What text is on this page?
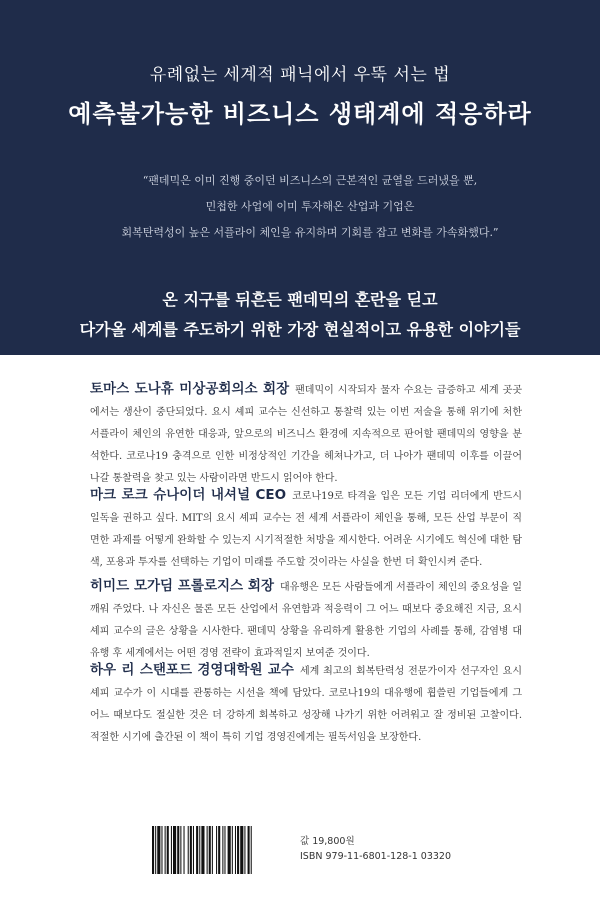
유례없는 세계적 패닉에서 우뚝 서는 법
예측불가능한 비즈니스 생태계에 적응하라
“팬데믹은 이미 진행 중이던 비즈니스의 근본적인 균열을 드러냈을 뿐,
민첩한 사업에 이미 투자해온 산업과 기업은
회복탄력성이 높은 서플라이 체인을 유지하며 기회를 잡고 변화를 가속화했다.”
온 지구를 뒤흔든 팬데믹의 혼란을 딛고
다가올 세계를 주도하기 위한 가장 현실적이고 유용한 이야기들
토마스 도나휴 미상공회의소 회장 팬데믹이 시작되자 물자 수요는 급증하고 세계 곳곳에서는 생산이 중단되었다. 요시 셰피 교수는 신선하고 통찰력 있는 이번 저술을 통해 위기에 처한 서플라이 체인의 유연한 대응과, 앞으로의 비즈니스 환경에 지속적으로 판어할 팬데믹의 영향을 분석한다. 코로나19 충격으로 인한 비정상적인 기간을 헤쳐나가고, 더 나아가 팬데믹 이후를 이끌어 나갈 통찰력을 찾고 있는 사람이라면 반드시 읽어야 한다.
마크 로크 슈나이더 내셔널 CEO 코로나19로 타격을 입은 모든 기업 리더에게 반드시 일독을 권하고 싶다. MIT의 요시 셰피 교수는 전 세계 서플라이 체인을 통해, 모든 산업 부문이 직면한 과제를 어떻게 완화할 수 있는지 시기적절한 처방을 제시한다. 어려운 시기에도 혁신에 대한 탐색, 포용과 투자를 선택하는 기업이 미래를 주도할 것이라는 사실을 한번 더 확인시켜 준다.
히미드 모가딤 프롤로지스 회장 대유행은 모든 사람들에게 서플라이 체인의 중요성을 일깨워 주었다. 나 자신은 물론 모든 산업에서 유연함과 적응력이 그 어느 때보다 중요해진 지금, 요시 셰피 교수의 글은 상황을 시사한다. 팬데믹 상황을 유리하게 활용한 기업의 사례를 통해, 감염병 대유행 후 세계에서는 어떤 경영 전략이 효과적일지 보여준 것이다.
하우 리 스탠포드 경영대학원 교수 세계 최고의 회복탄력성 전문가이자 선구자인 요시 셰피 교수가 이 시대를 관통하는 시선을 책에 담았다. 코로나19의 대유행에 휩쓸린 기업들에게 그 어느 때보다도 절실한 것은 더 강하게 회복하고 성장해 나가기 위한 어려워고 잘 정비된 고찰이다. 적절한 시기에 출간된 이 책이 특히 기업 경영진에게는 필독서임을 보장한다.
값 19,800원
ISBN 979-11-6801-128-1 03320
